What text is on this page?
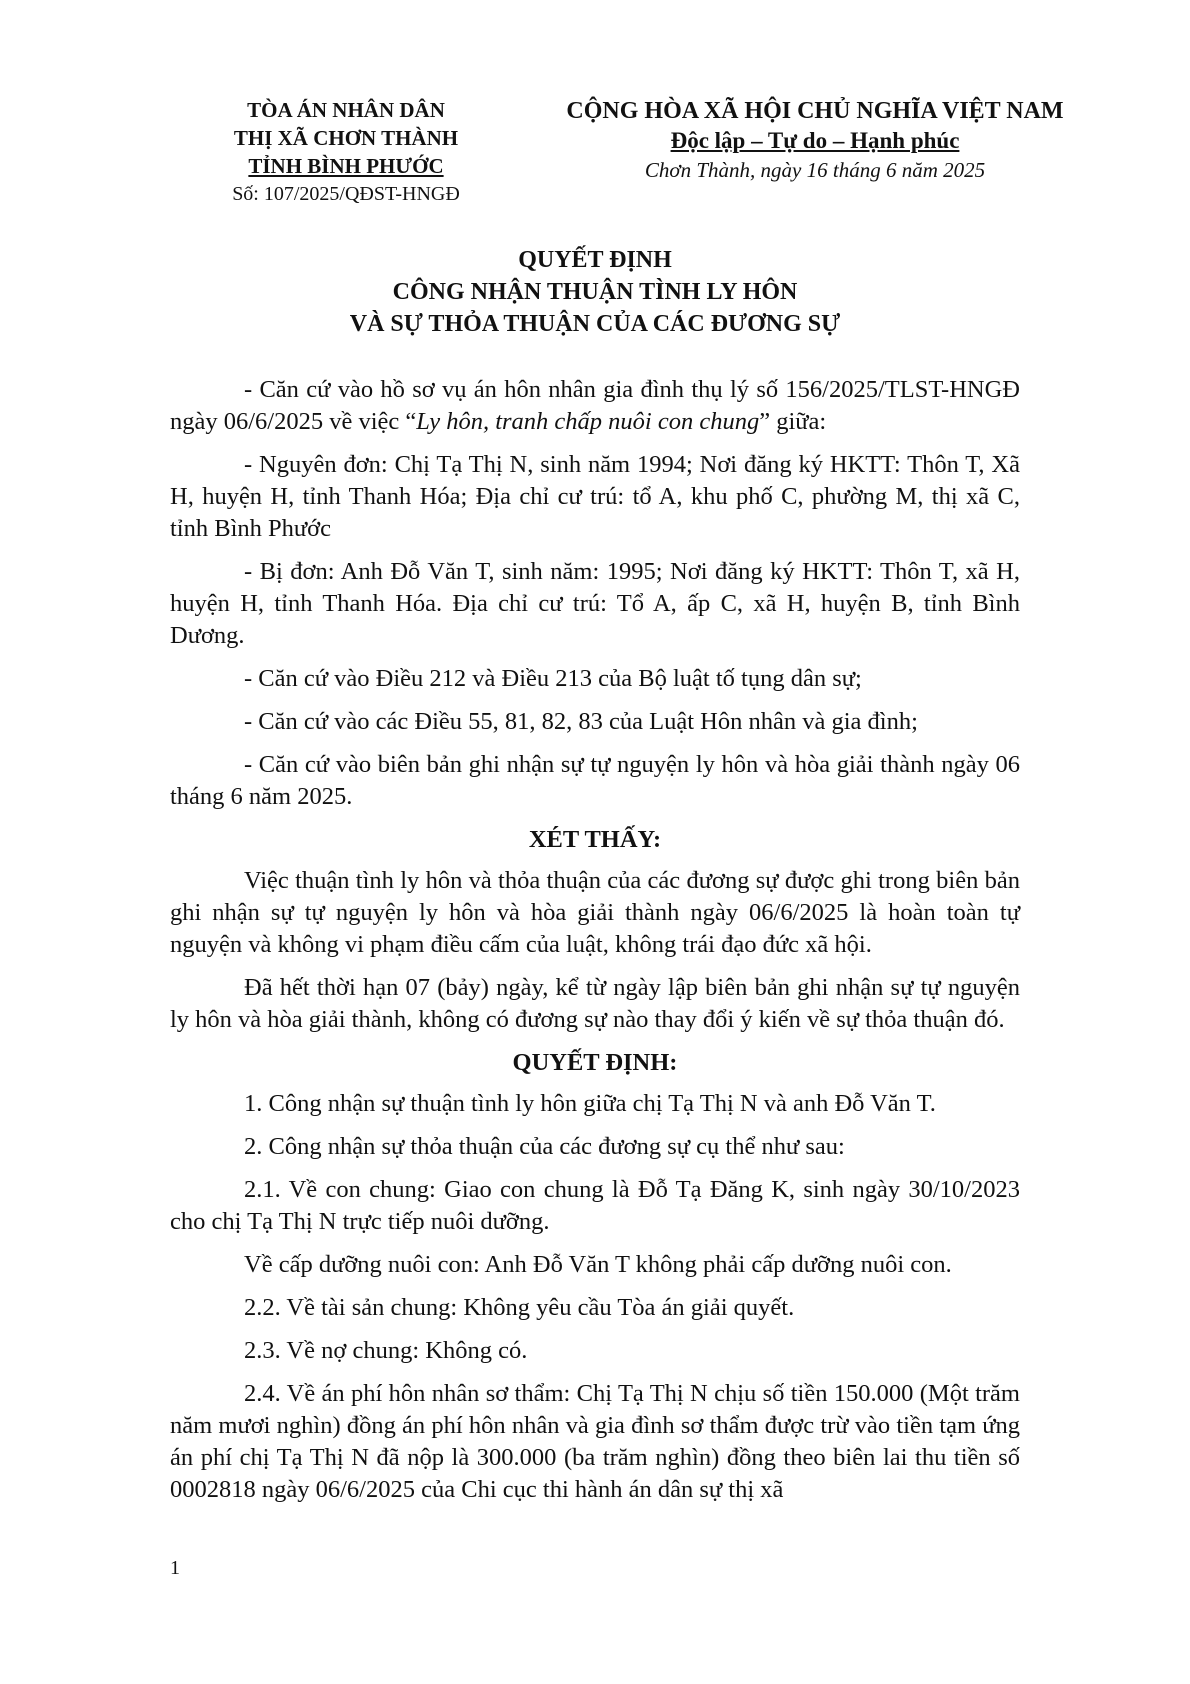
TÒA ÁN NHÂN DÂN
THỊ XÃ CHƠN THÀNH
TỈNH BÌNH PHƯỚC
Số: 107/2025/QĐST-HNGĐ
CỘNG HÒA XÃ HỘI CHỦ NGHĨA VIỆT NAM
Độc lập – Tự do – Hạnh phúc
Chơn Thành, ngày 16 tháng 6 năm 2025
QUYẾT ĐỊNH
CÔNG NHẬN THUẬN TÌNH LY HÔN
VÀ SỰ THỎA THUẬN CỦA CÁC ĐƯƠNG SỰ

- Căn cứ vào hồ sơ vụ án hôn nhân gia đình thụ lý số 156/2025/TLST-HNGĐ ngày 06/6/2025 về việc “Ly hôn, tranh chấp nuôi con chung” giữa:

- Nguyên đơn: Chị Tạ Thị N, sinh năm 1994; Nơi đăng ký HKTT: Thôn T, Xã H, huyện H, tỉnh Thanh Hóa; Địa chỉ cư trú: tổ A, khu phố C, phường M, thị xã C, tỉnh Bình Phước

- Bị đơn: Anh Đỗ Văn T, sinh năm: 1995; Nơi đăng ký HKTT: Thôn T, xã H, huyện H, tỉnh Thanh Hóa. Địa chỉ cư trú: Tổ A, ấp C, xã H, huyện B, tỉnh Bình Dương.

- Căn cứ vào Điều 212 và Điều 213 của Bộ luật tố tụng dân sự;

- Căn cứ vào các Điều 55, 81, 82, 83 của Luật Hôn nhân và gia đình;

- Căn cứ vào biên bản ghi nhận sự tự nguyện ly hôn và hòa giải thành ngày 06 tháng 6 năm 2025.

XÉT THẤY:

Việc thuận tình ly hôn và thỏa thuận của các đương sự được ghi trong biên bản ghi nhận sự tự nguyện ly hôn và hòa giải thành ngày 06/6/2025 là hoàn toàn tự nguyện và không vi phạm điều cấm của luật, không trái đạo đức xã hội.

Đã hết thời hạn 07 (bảy) ngày, kể từ ngày lập biên bản ghi nhận sự tự nguyện ly hôn và hòa giải thành, không có đương sự nào thay đổi ý kiến về sự thỏa thuận đó.

QUYẾT ĐỊNH:

1. Công nhận sự thuận tình ly hôn giữa chị Tạ Thị N và anh Đỗ Văn T.

2. Công nhận sự thỏa thuận của các đương sự cụ thể như sau:

2.1. Về con chung: Giao con chung là Đỗ Tạ Đăng K, sinh ngày 30/10/2023 cho chị Tạ Thị N trực tiếp nuôi dưỡng.

Về cấp dưỡng nuôi con: Anh Đỗ Văn T không phải cấp dưỡng nuôi con.

2.2. Về tài sản chung: Không yêu cầu Tòa án giải quyết.

2.3. Về nợ chung: Không có.

2.4. Về án phí hôn nhân sơ thẩm: Chị Tạ Thị N chịu số tiền 150.000 (Một trăm năm mươi nghìn) đồng án phí hôn nhân và gia đình sơ thẩm được trừ vào tiền tạm ứng án phí chị Tạ Thị N đã nộp là 300.000 (ba trăm nghìn) đồng theo biên lai thu tiền số 0002818 ngày 06/6/2025 của Chi cục thi hành án dân sự thị xã

1
